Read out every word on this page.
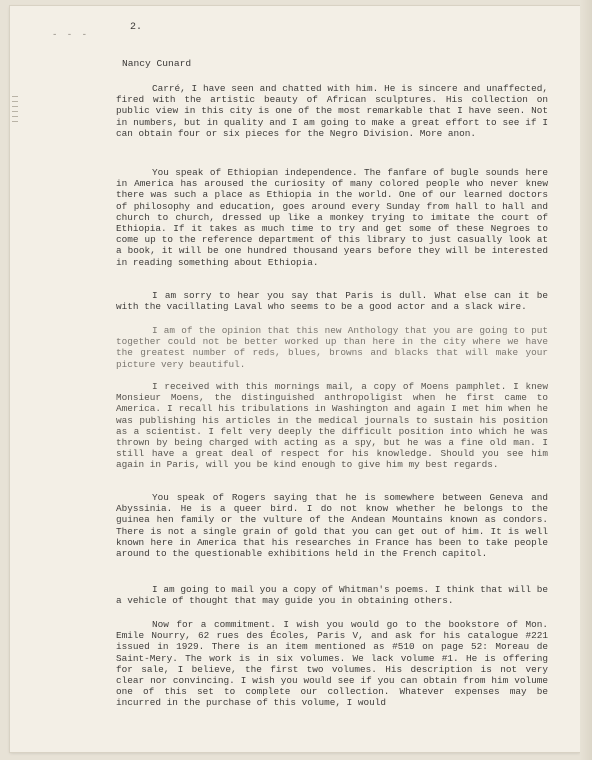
- - -
2.
Nancy Cunard

Carré, I have seen and chatted with him. He is sincere and unaffected, fired with the artistic beauty of African sculptures. His collection on public view in this city is one of the most remarkable that I have seen. Not in numbers, but in quality and I am going to make a great effort to see if I can obtain four or six pieces for the Negro Division. More anon.

You speak of Ethiopian independence. The fanfare of bugle sounds here in America has aroused the curiosity of many colored people who never knew there was such a place as Ethiopia in the world. One of our learned doctors of philosophy and education, goes around every Sunday from hall to hall and church to church, dressed up like a monkey trying to imitate the court of Ethiopia. If it takes as much time to try and get some of these Negroes to come up to the reference department of this library to just casually look at a book, it will be one hundred thousand years before they will be interested in reading something about Ethiopia.

I am sorry to hear you say that Paris is dull. What else can it be with the vacillating Laval who seems to be a good actor and a slack wire.

I am of the opinion that this new Anthology that you are going to put together could not be better worked up than here in the city where we have the greatest number of reds, blues, browns and blacks that will make your picture very beautiful.

I received with this mornings mail, a copy of Moens pamphlet. I knew Monsieur Moens, the distinguished anthropoligist when he first came to America. I recall his tribulations in Washington and again I met him when he was publishing his articles in the medical journals to sustain his position as a scientist. I felt very deeply the difficult position into which he was thrown by being charged with acting as a spy, but he was a fine old man. I still have a great deal of respect for his knowledge. Should you see him again in Paris, will you be kind enough to give him my best regards.

You speak of Rogers saying that he is somewhere between Geneva and Abyssinia. He is a queer bird. I do not know whether he belongs to the guinea hen family or the vulture of the Andean Mountains known as condors. There is not a single grain of gold that you can get out of him. It is well known here in America that his researches in France has been to take people around to the questionable exhibitions held in the French capitol.

I am going to mail you a copy of Whitman's poems. I think that will be a vehicle of thought that may guide you in obtaining others.

Now for a commitment. I wish you would go to the bookstore of Mon. Emile Nourry, 62 rues des Écoles, Paris V, and ask for his catalogue #221 issued in 1929. There is an item mentioned as #510 on page 52: Moreau de Saint-Mery. The work is in six volumes. We lack volume #1. He is offering for sale, I believe, the first two volumes. His description is not very clear nor convincing. I wish you would see if you can obtain from him volume one of this set to complete our collection. Whatever expenses may be incurred in the purchase of this volume, I would
